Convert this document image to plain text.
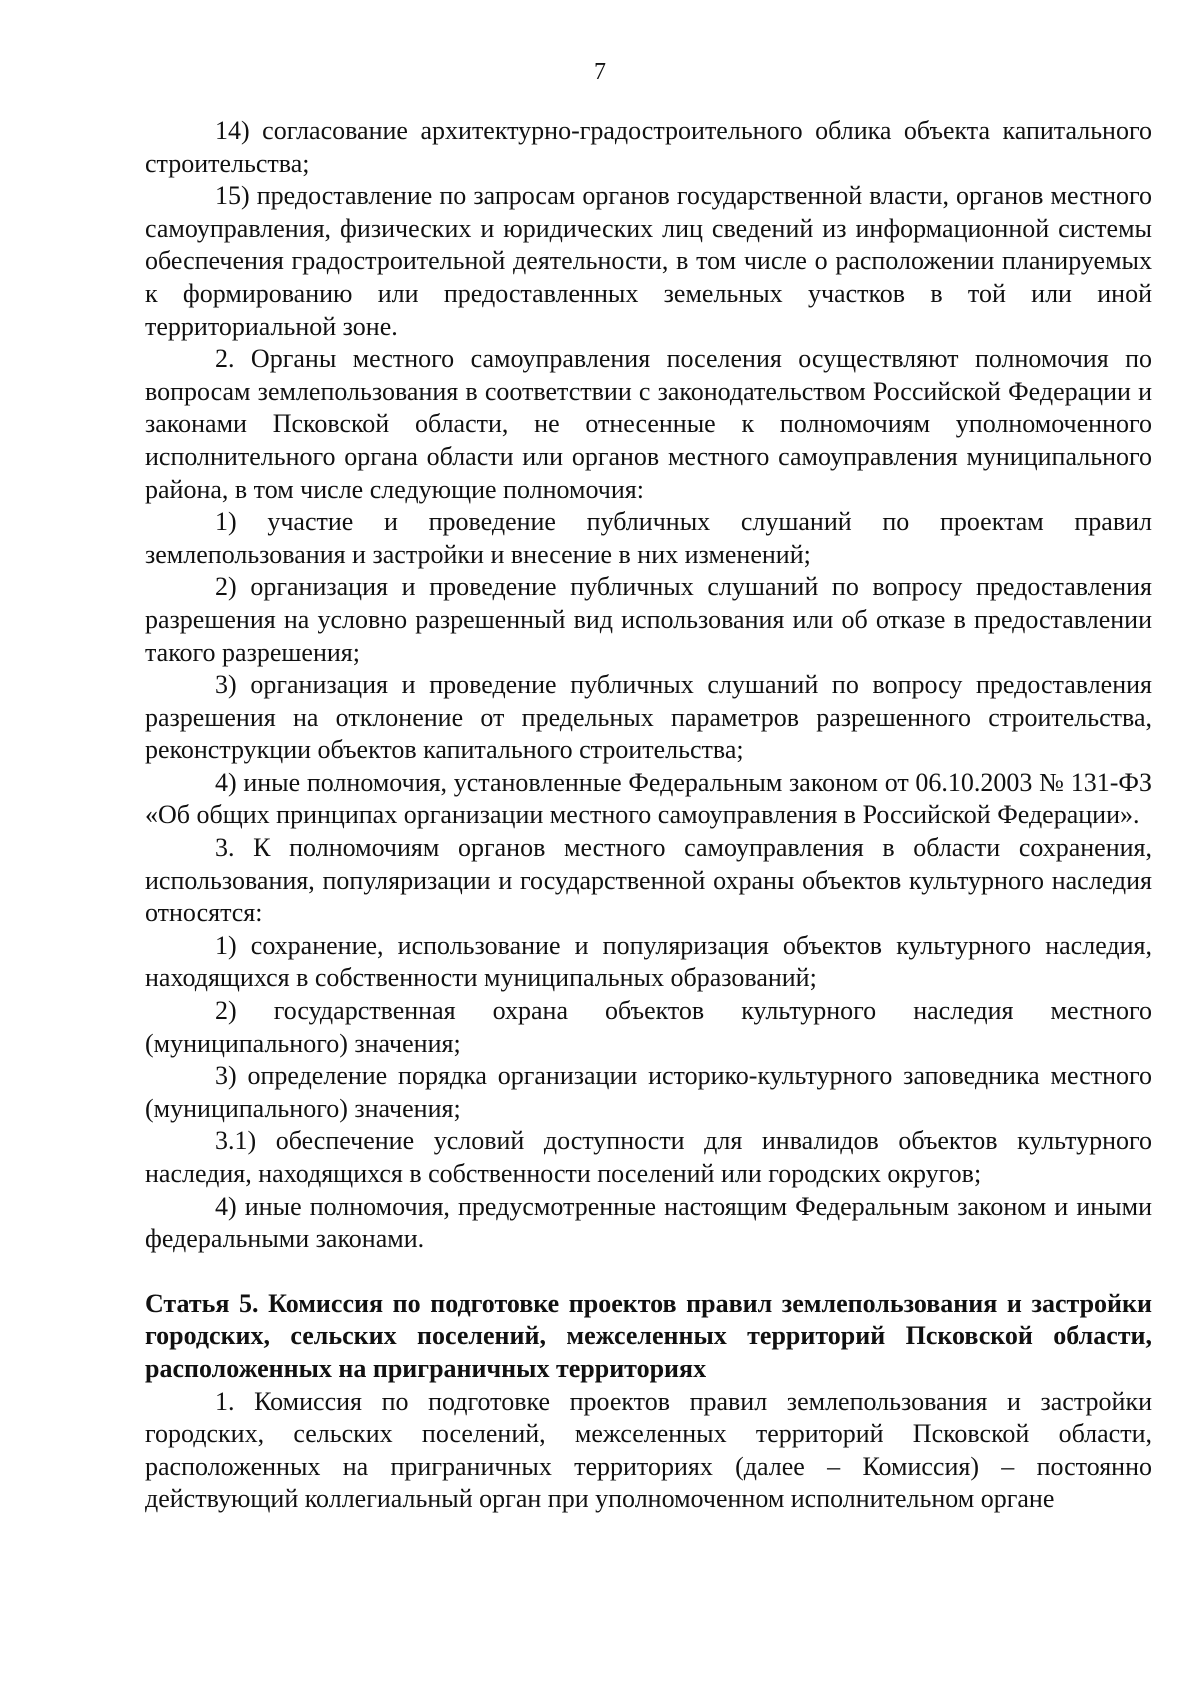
7

14) согласование архитектурно-градостроительного облика объекта капитального строительства;

15) предоставление по запросам органов государственной власти, органов местного самоуправления, физических и юридических лиц сведений из информационной системы обеспечения градостроительной деятельности, в том числе о расположении планируемых к формированию или предоставленных земельных участков в той или иной территориальной зоне.

2. Органы местного самоуправления поселения осуществляют полномочия по вопросам землепользования в соответствии с законодательством Российской Федерации и законами Псковской области, не отнесенные к полномочиям уполномоченного исполнительного органа области или органов местного самоуправления муниципального района, в том числе следующие полномочия:

1) участие и проведение публичных слушаний по проектам правил землепользования и застройки и внесение в них изменений;

2) организация и проведение публичных слушаний по вопросу предоставления разрешения на условно разрешенный вид использования или об отказе в предоставлении такого разрешения;

3) организация и проведение публичных слушаний по вопросу предоставления разрешения на отклонение от предельных параметров разрешенного строительства, реконструкции объектов капитального строительства;

4) иные полномочия, установленные Федеральным законом от 06.10.2003 № 131-ФЗ «Об общих принципах организации местного самоуправления в Российской Федерации».

3. К полномочиям органов местного самоуправления в области сохранения, использования, популяризации и государственной охраны объектов культурного наследия относятся:

1) сохранение, использование и популяризация объектов культурного наследия, находящихся в собственности муниципальных образований;

2) государственная охрана объектов культурного наследия местного (муниципального) значения;

3) определение порядка организации историко-культурного заповедника местного (муниципального) значения;

3.1) обеспечение условий доступности для инвалидов объектов культурного наследия, находящихся в собственности поселений или городских округов;

4) иные полномочия, предусмотренные настоящим Федеральным законом и иными федеральными законами.

Статья 5. Комиссия по подготовке проектов правил землепользования и застройки городских, сельских поселений, межселенных территорий Псковской области, расположенных на приграничных территориях

1. Комиссия по подготовке проектов правил землепользования и застройки городских, сельских поселений, межселенных территорий Псковской области, расположенных на приграничных территориях (далее – Комиссия) – постоянно действующий коллегиальный орган при уполномоченном исполнительном органе
